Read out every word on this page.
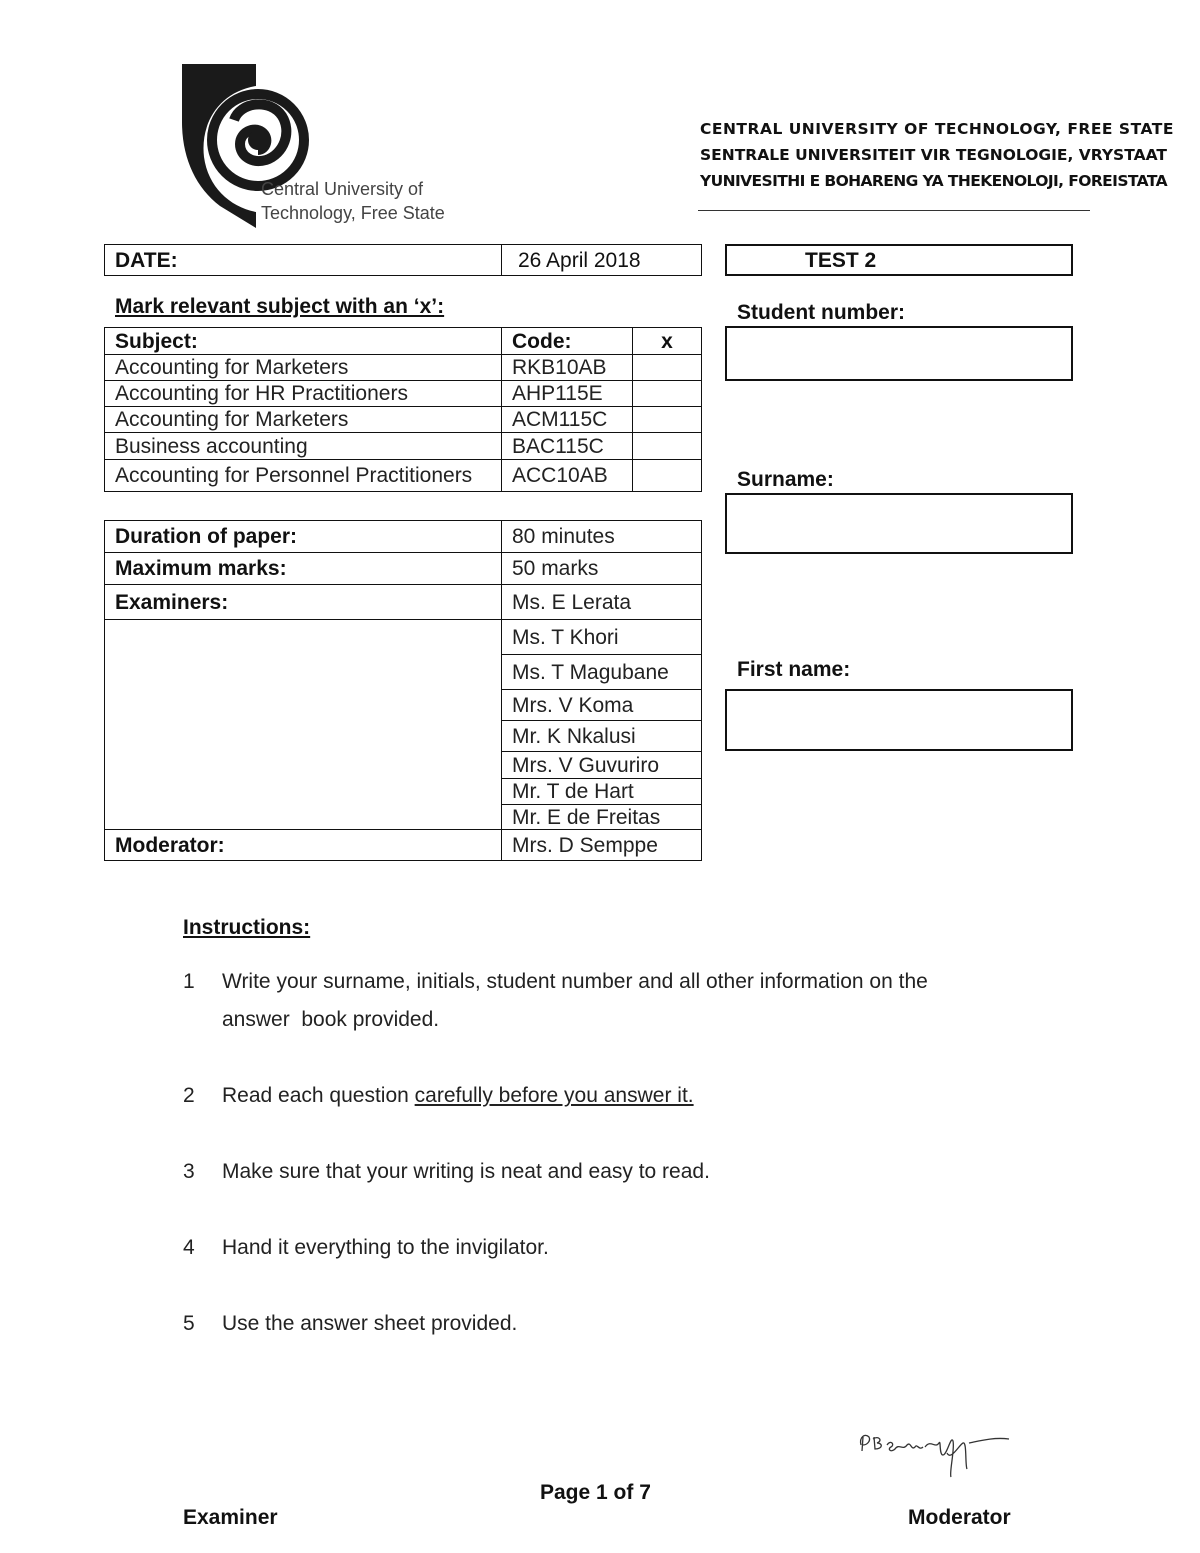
Central University of
Technology, Free State
CENTRAL UNIVERSITY OF TECHNOLOGY, FREE STATE
SENTRALE UNIVERSITEIT VIR TEGNOLOGIE, VRYSTAAT
YUNIVESITHI E BOHARENG YA THEKENOLOJI, FOREISTATA
DATE:	26 April 2018	TEST 2
Mark relevant subject with an ‘x’:
Subject:	Code:	x
Accounting for Marketers	RKB10AB	
Accounting for HR Practitioners	AHP115E	
Accounting for Marketers	ACM115C	
Business accounting	BAC115C	
Accounting for Personnel Practitioners	ACC10AB	
Duration of paper:	80 minutes
Maximum marks:	50 marks
Examiners:	Ms. E Lerata
	Ms. T Khori
	Ms. T Magubane
	Mrs. V Koma
	Mr. K Nkalusi
	Mrs. V Guvuriro
	Mr. T de Hart
	Mr. E de Freitas
Moderator:	Mrs. D Semppe
Student number:
Surname:
First name:
Instructions:
1 Write your surname, initials, student number and all other information on the
answer  book provided.
2 Read each question carefully before you answer it.
3 Make sure that your writing is neat and easy to read.
4 Hand it everything to the invigilator.
5 Use the answer sheet provided.
Page 1 of 7
Examiner	Moderator
